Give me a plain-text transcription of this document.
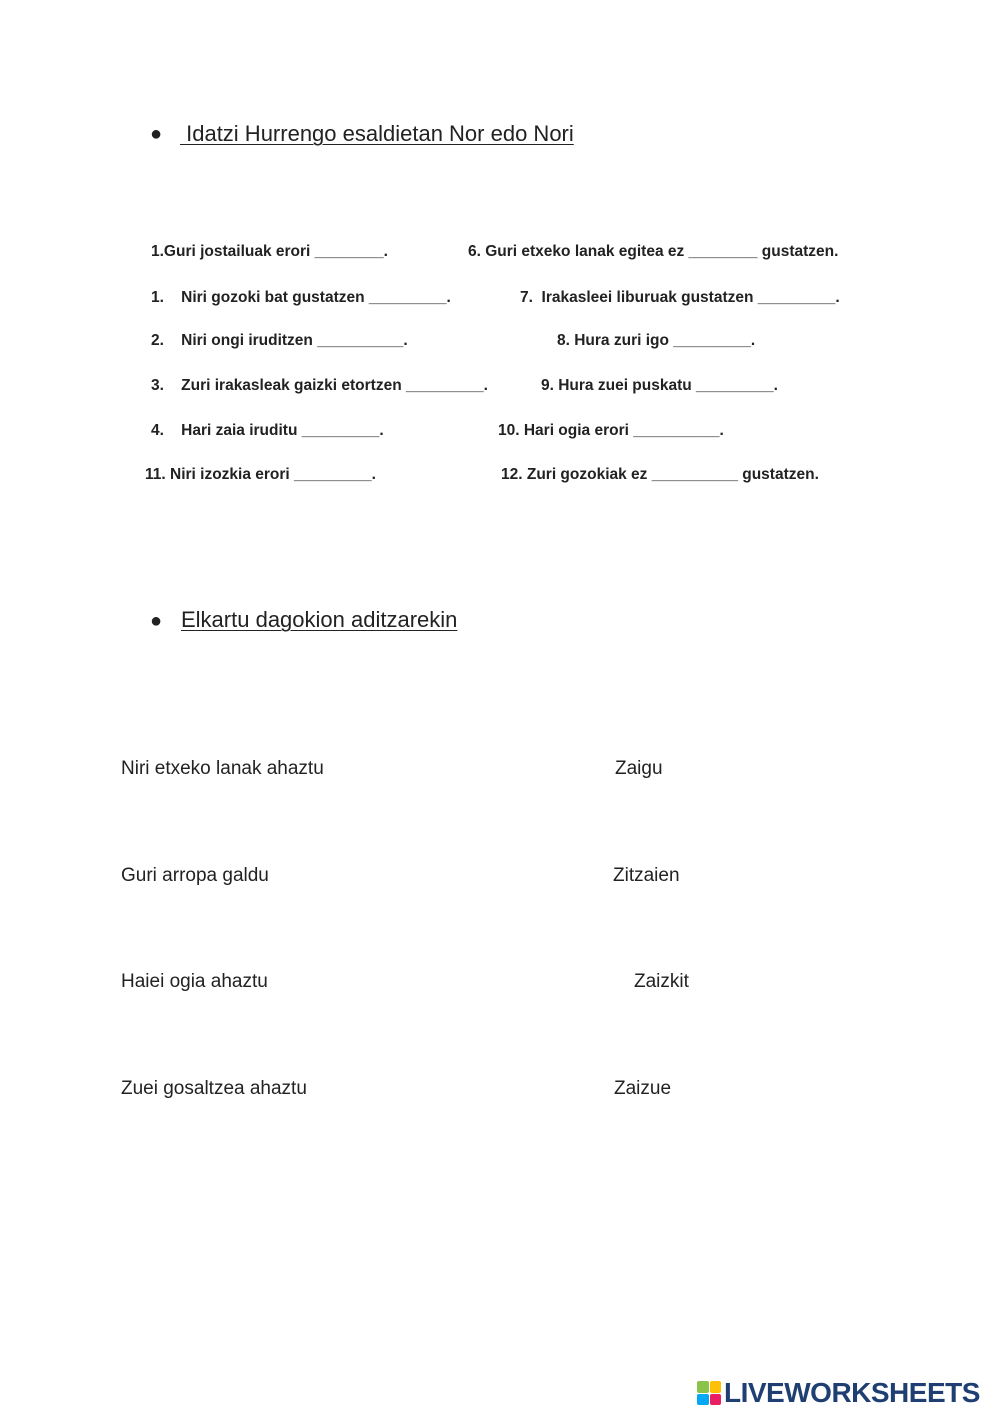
● Idatzi Hurrengo esaldietan Nor edo Nori
1.Guri jostailuak erori ________.	6. Guri etxeko lanak egitea ez ________ gustatzen.
1.    Niri gozoki bat gustatzen _________.	7.  Irakasleei liburuak gustatzen _________.
2.    Niri ongi iruditzen __________.	8. Hura zuri igo _________.
3.    Zuri irakasleak gaizki etortzen _________.	9. Hura zuei puskatu _________.
4.    Hari zaia iruditu _________.	10. Hari ogia erori __________.
11. Niri izozkia erori _________.	12. Zuri gozokiak ez __________ gustatzen.
● Elkartu dagokion aditzarekin
Niri etxeko lanak ahaztu	Zaigu
Guri arropa galdu	Zitzaien
Haiei ogia ahaztu	Zaizkit
Zuei gosaltzea ahaztu	Zaizue
LIVEWORKSHEETS
